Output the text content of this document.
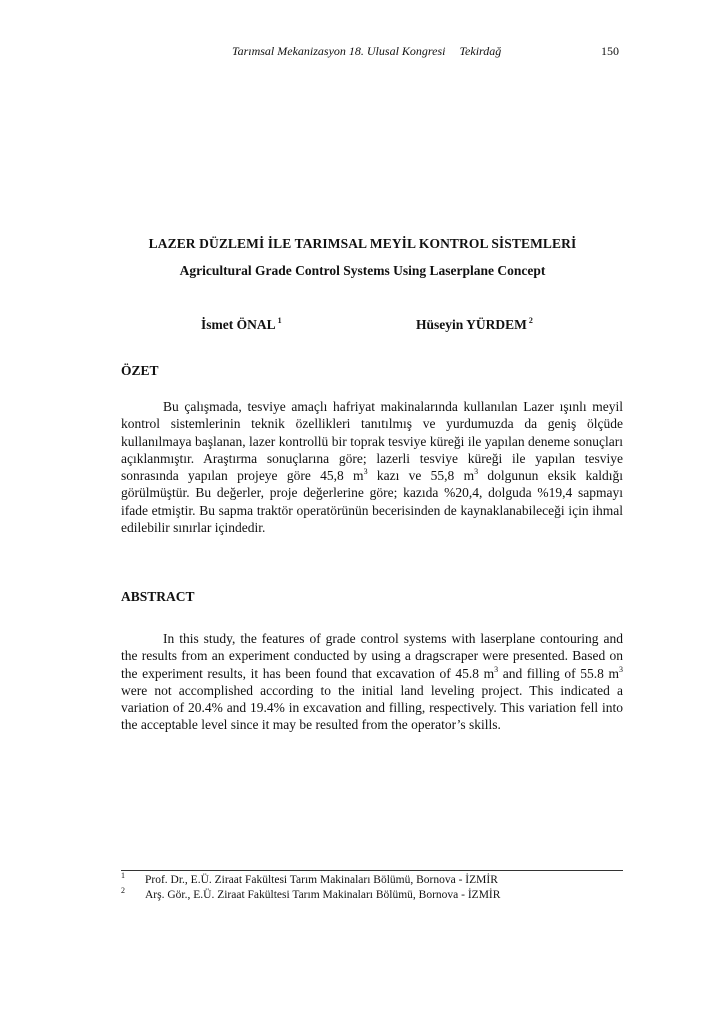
Tarımsal Mekanizasyon 18. Ulusal Kongresi Tekirdağ	150
LAZER DÜZLEMİ İLE TARIMSAL MEYİL KONTROL SİSTEMLERİ
Agricultural Grade Control Systems Using Laserplane Concept
İsmet ÖNAL $^1$	Hüseyin YÜRDEM $^2$
ÖZET

Bu çalışmada, tesviye amaçlı hafriyat makinalarında kullanılan Lazer ışınlı meyil kontrol sistemlerinin teknik özellikleri tanıtılmış ve yurdumuzda da geniş ölçüde kullanılmaya başlanan, lazer kontrollü bir toprak tesviye küreği ile yapılan deneme sonuçları açıklanmıştır. Araştırma sonuçlarına göre; lazerli tesviye küreği ile yapılan tesviye sonrasında yapılan projeye göre 45,8 $m^3$ kazı ve 55,8 $m^3$ dolgunun eksik kaldığı görülmüştür. Bu değerler, proje değerlerine göre; kazıda %20,4, dolguda %19,4 sapmayı ifade etmiştir. Bu sapma traktör operatörünün becerisinden de kaynaklanabileceği için ihmal edilebilir sınırlar içindedir.

ABSTRACT

In this study, the features of grade control systems with laserplane contouring and the results from an experiment conducted by using a dragscraper were presented. Based on the experiment results, it has been found that excavation of 45.8 $m^3$ and filling of 55.8 $m^3$ were not accomplished according to the initial land leveling project. This indicated a variation of 20.4% and 19.4% in excavation and filling, respectively. This variation fell into the acceptable level since it may be resulted from the operator’s skills.

1 Prof. Dr., E.Ü. Ziraat Fakültesi Tarım Makinaları Bölümü, Bornova - İZMİR
2 Arş. Gör., E.Ü. Ziraat Fakültesi Tarım Makinaları Bölümü, Bornova - İZMİR
